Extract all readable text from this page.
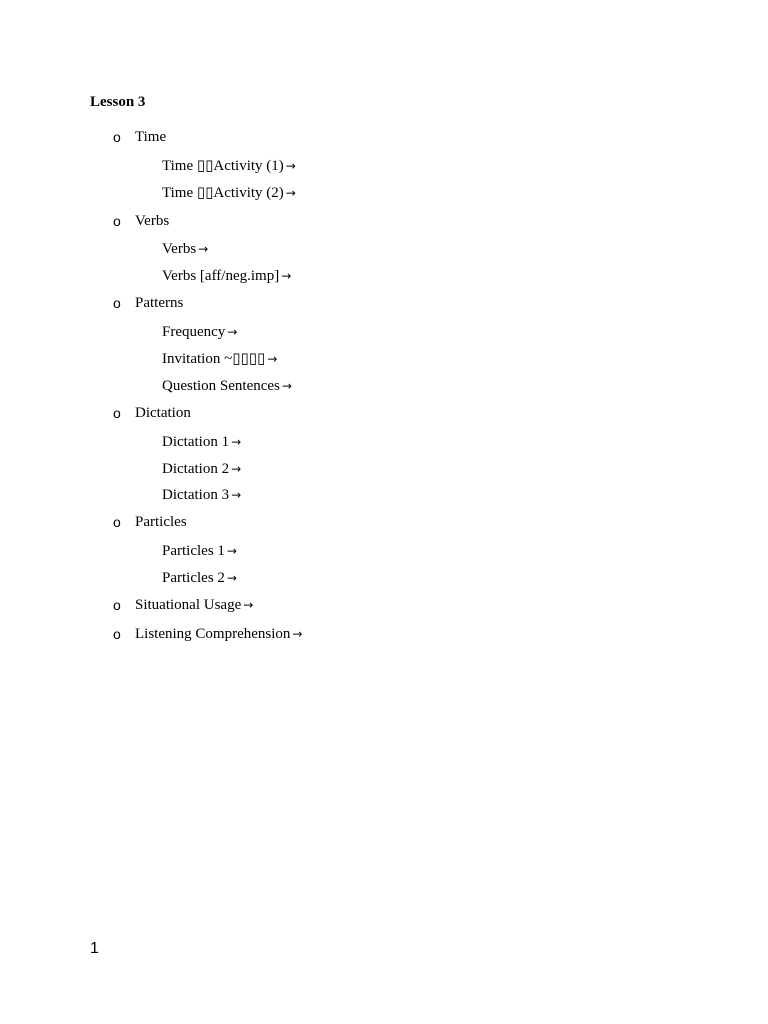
Lesson 3
o Time
Time ▯▯Activity (1) →
Time ▯▯Activity (2) →
o Verbs
Verbs →
Verbs [aff/neg.imp] →
o Patterns
Frequency →
Invitation ~▯▯▯▯ →
Question Sentences →
o Dictation
Dictation 1 →
Dictation 2 →
Dictation 3 →
o Particles
Particles 1 →
Particles 2 →
o Situational Usage →
o Listening Comprehension →
1
